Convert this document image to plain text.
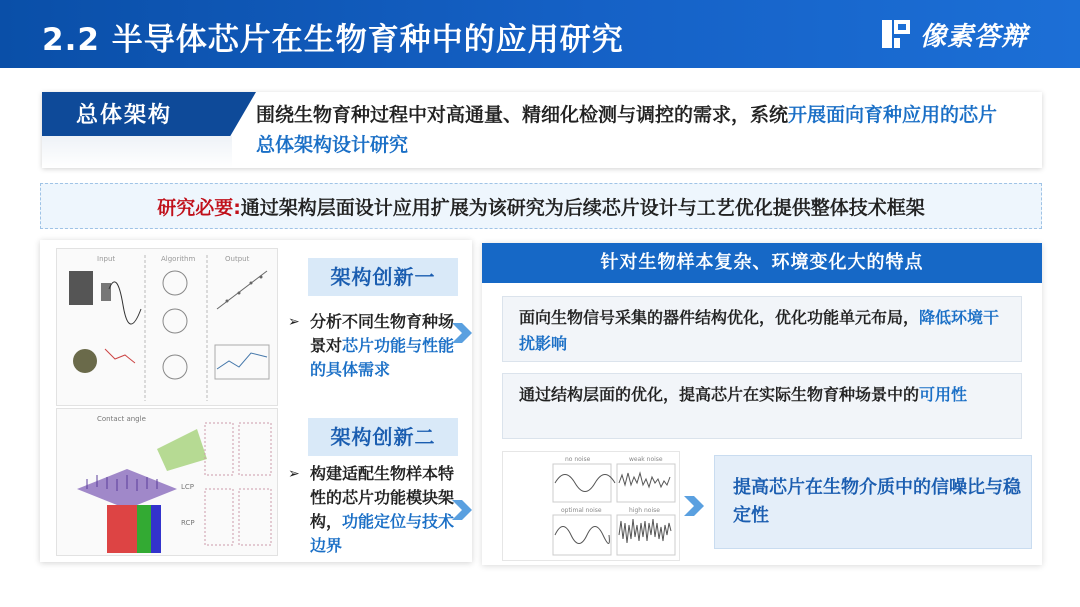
2.2 半导体芯片在生物育种中的应用研究	像素答辩
总体架构	围绕生物育种过程中对高通量、精细化检测与调控的需求，系统开展面向育种应用的芯片总体架构设计研究
研究必要:通过架构层面设计应用扩展为该研究为后续芯片设计与工艺优化提供整体技术框架
Input	Algorithm	Output
Contact angle
LCP
RCP
架构创新一
➢ 分析不同生物育种场景对芯片功能与性能的具体需求
架构创新二
➢ 构建适配生物样本特性的芯片功能模块架构，功能定位与技术边界
针对生物样本复杂、环境变化大的特点
面向生物信号采集的器件结构优化，优化功能单元布局，降低环境干扰影响
通过结构层面的优化，提高芯片在实际生物育种场景中的可用性
no noise	weak noise
optimal noise	high noise
提高芯片在生物介质中的信噪比与稳定性
